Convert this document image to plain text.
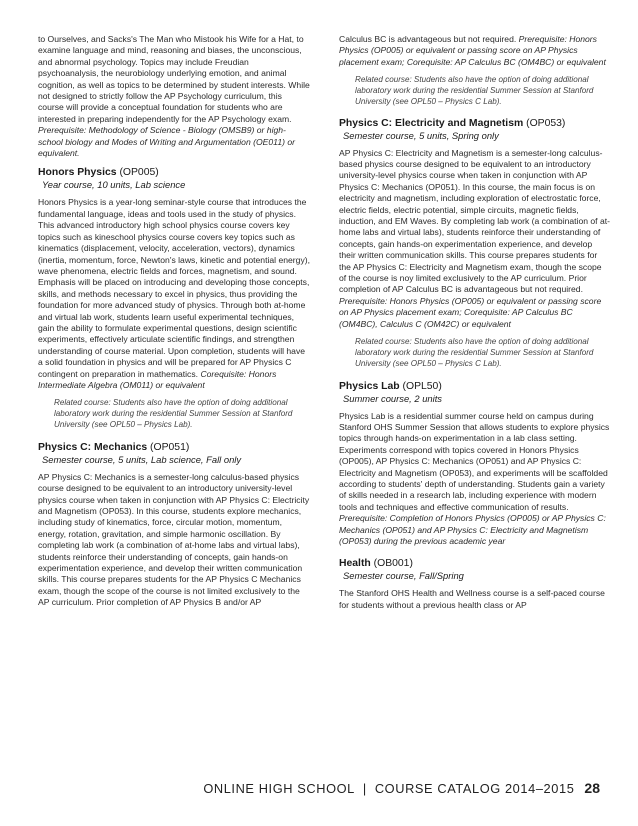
to Ourselves, and Sacks's The Man who Mistook his Wife for a Hat, to examine language and mind, reasoning and biases, the unconscious, and abnormal psychology. Topics may include Freudian psychoanalysis, the neurobiology underlying emotion, and animal cognition, as well as topics to be determined by student interests. While not designed to strictly follow the AP Psychology curriculum, this course will provide a conceptual foundation for students who are interested in preparing independently for the AP Psychology exam. Prerequisite: Methodology of Science - Biology (OMSB9) or high-school biology and Modes of Writing and Argumentation (OE011) or equivalent.

Honors Physics (OP005)
Year course, 10 units, Lab science

Honors Physics is a year-long seminar-style course that introduces the fundamental language, ideas and tools used in the study of physics. This advanced introductory high school physics course covers key topics such as kineschool physics course covers key topics such as kinematics (displacement, velocity, acceleration, vectors), dynamics (inertia, momentum, force, Newton's laws, kinetic and potential energy), wave phenomena, electric fields and forces, magnetism, and sound. Emphasis will be placed on introducing and developing those concepts, skills, and methods necessary to excel in physics, thus providing the foundation for more advanced study of physics. Through both at-home and virtual lab work, students learn useful experimental techniques, gain the ability to formulate experimental questions, design scientific experiments, effectively articulate scientific findings, and strengthen understanding of course material. Upon completion, students will have a solid foundation in physics and will be prepared for AP Physics C contingent on preparation in mathematics. Corequisite: Honors Intermediate Algebra (OM011) or equivalent

Related course: Students also have the option of doing additional laboratory work during the residential Summer Session at Stanford University (see OPL50 – Physics Lab).
Physics C: Mechanics (OP051)
Semester course, 5 units, Lab science, Fall only

AP Physics C: Mechanics is a semester-long calculus-based physics course designed to be equivalent to an introductory university-level physics course when taken in conjunction with AP Physics C: Electricity and Magnetism (OP053). In this course, students explore mechanics, including study of kinematics, force, circular motion, momentum, energy, rotation, gravitation, and simple harmonic oscillation. By completing lab work (a combination of at-home labs and virtual labs), students reinforce their understanding of concepts, gain hands-on experimentation experience, and develop their written communication skills. This course prepares students for the AP Physics C Mechanics exam, though the scope of the course is not limited exclusively to the AP curriculum. Prior completion of AP Physics B and/or AP

Calculus BC is advantageous but not required. Prerequisite: Honors Physics (OP005) or equivalent or passing score on AP Physics placement exam; Corequisite: AP Calculus BC (OM4BC) or equivalent

Related course: Students also have the option of doing additional laboratory work during the residential Summer Session at Stanford University (see OPL50 – Physics C Lab).
Physics C: Electricity and Magnetism (OP053)
Semester course, 5 units, Spring only

AP Physics C: Electricity and Magnetism is a semester-long calculus-based physics course designed to be equivalent to an introductory university-level physics course when taken in conjunction with AP Physics C: Mechanics (OP051). In this course, the main focus is on electricity and magnetism, including exploration of electrostatic force, electric fields, electric potential, simple circuits, magnetic fields, induction, and EM Waves. By completing lab work (a combination of at-home labs and virtual labs), students reinforce their understanding of concepts, gain hands-on experimentation experience, and develop their written communication skills. This course prepares students for the AP Physics C: Electricity and Magnetism exam, though the scope of the course is noy limited exclusively to the AP curriculum. Prior completion of AP Calculus BC is advantageous but not required. Prerequisite: Honors Physics (OP005) or equivalent or passing score on AP Physics placement exam; Corequisite: AP Calculus BC (OM4BC), Calculus C (OM42C) or equivalent

Related course: Students also have the option of doing additional laboratory work during the residential Summer Session at Stanford University (see OPL50 – Physics C Lab).
Physics Lab (OPL50)
Summer course, 2 units

Physics Lab is a residential summer course held on campus during Stanford OHS Summer Session that allows students to explore physics topics through hands-on experimentation in a lab class setting. Experiments correspond with topics covered in Honors Physics (OP005), AP Physics C: Mechanics (OP051) and AP Physics C: Electricity and Magnetism (OP053), and experiments will be scaffolded according to students' depth of understanding. Students gain a variety of skills needed in a research lab, including experience with modern tools and techniques and effective communication of results. Prerequisite: Completion of Honors Physics (OP005) or AP Physics C: Mechanics (OP051) and AP Physics C: Electricity and Magnetism (OP053) during the previous academic year

Health (OB001)
Semester course, Fall/Spring

The Stanford OHS Health and Wellness course is a self-paced course for students without a previous health class or AP

ONLINE HIGH SCHOOL | COURSE CATALOG 2014–2015 28
